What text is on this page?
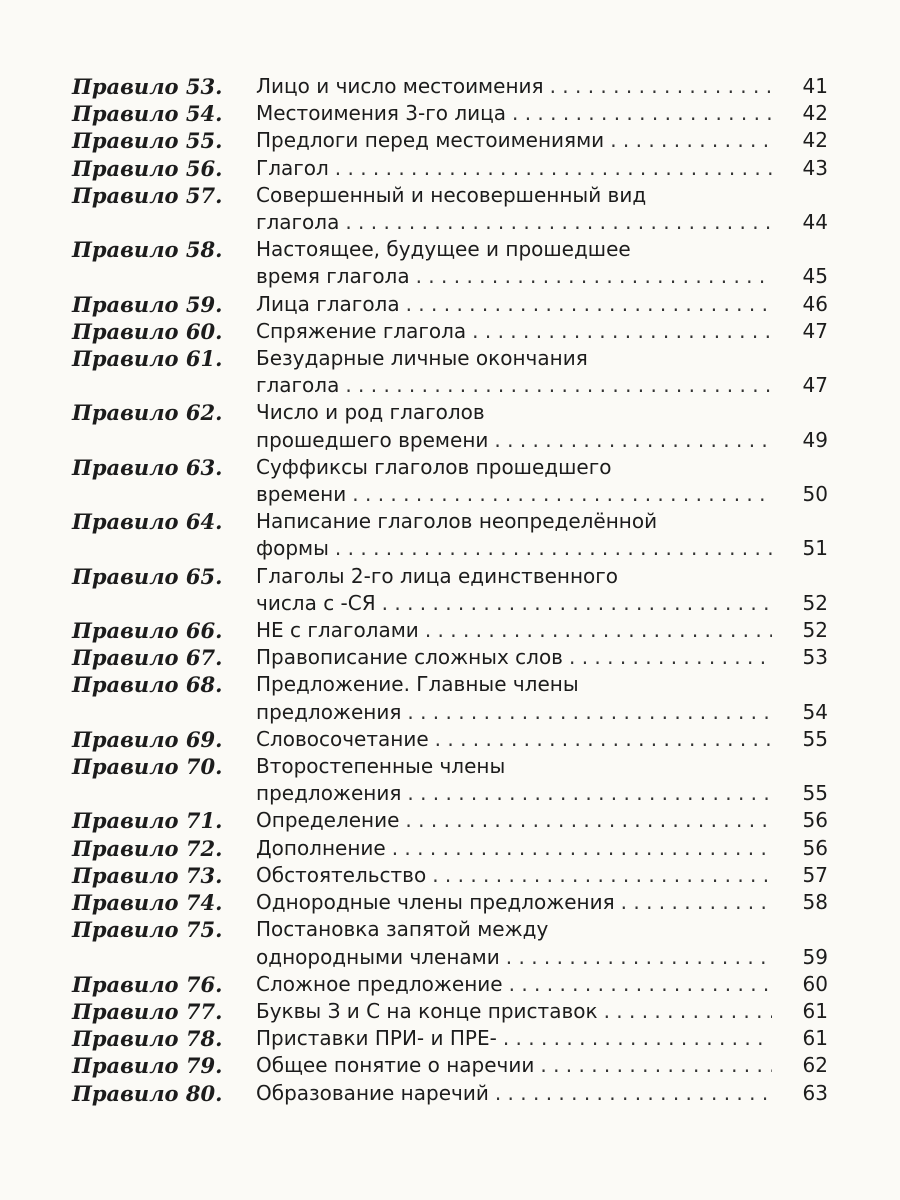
Правило 53.	Лицо и число местоимения . . .	41
Правило 54.	Местоимения 3-го лица . . .	42
Правило 55.	Предлоги перед местоимениями . . .	42
Правило 56.	Глагол . . .	43
Правило 57.	Совершенный и несовершенный вид
глагола . . .	44
Правило 58.	Настоящее, будущее и прошедшее
время глагола . . .	45
Правило 59.	Лица глагола . . .	46
Правило 60.	Спряжение глагола . . .	47
Правило 61.	Безударные личные окончания
глагола . . .	47
Правило 62.	Число и род глаголов
прошедшего времени . . .	49
Правило 63.	Суффиксы глаголов прошедшего
времени . . .	50
Правило 64.	Написание глаголов неопределённой
формы . . .	51
Правило 65.	Глаголы 2-го лица единственного
числа с -СЯ . . .	52
Правило 66.	НЕ с глаголами . . .	52
Правило 67.	Правописание сложных слов . . .	53
Правило 68.	Предложение. Главные члены
предложения . . .	54
Правило 69.	Словосочетание . . .	55
Правило 70.	Второстепенные члены
предложения . . .	55
Правило 71.	Определение . . .	56
Правило 72.	Дополнение . . .	56
Правило 73.	Обстоятельство . . .	57
Правило 74.	Однородные члены предложения . . .	58
Правило 75.	Постановка запятой между
однородными членами . . .	59
Правило 76.	Сложное предложение . . .	60
Правило 77.	Буквы З и С на конце приставок . . .	61
Правило 78.	Приставки ПРИ- и ПРЕ- . . .	61
Правило 79.	Общее понятие о наречии . . .	62
Правило 80.	Образование наречий . . .	63
